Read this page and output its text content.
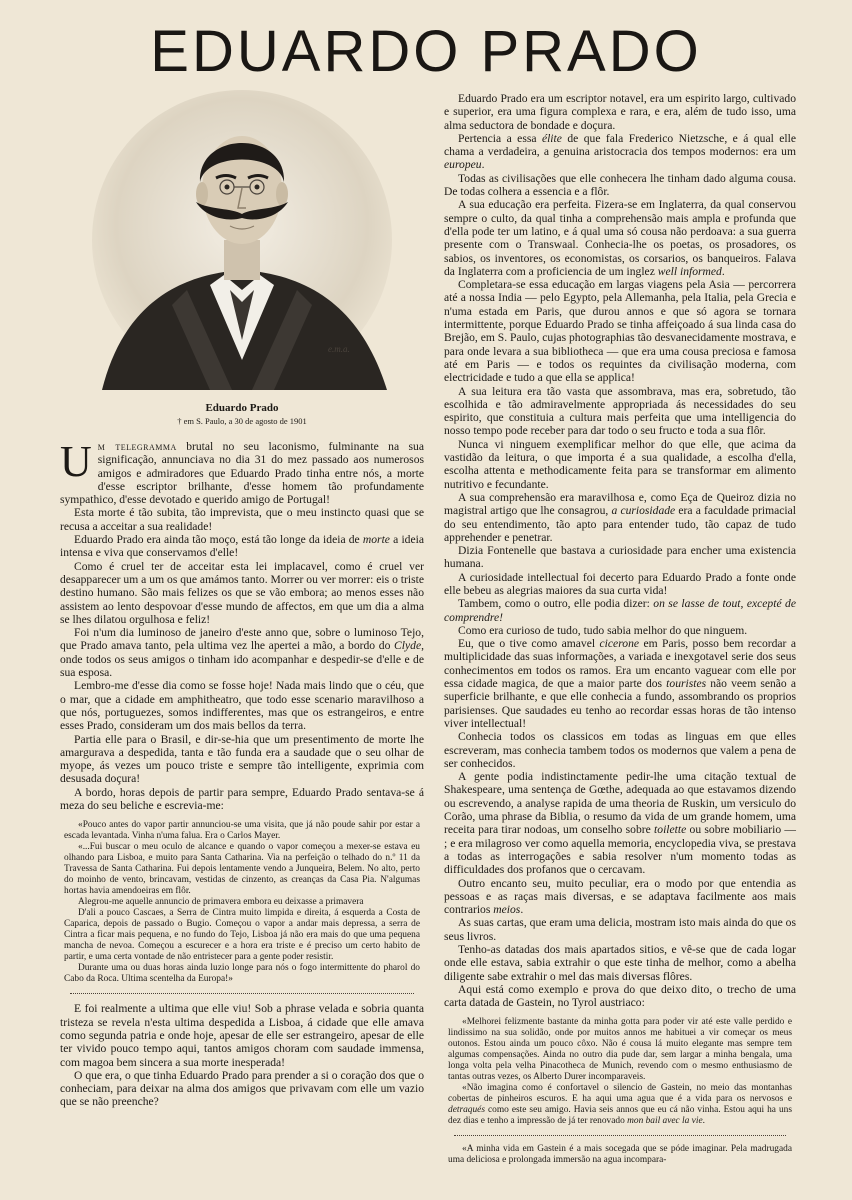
EDUARDO PRADO
e.m.a.
Eduardo Prado
† em S. Paulo, a 30 de agosto de 1901

Um telegramma brutal no seu laconismo, fulminante na sua significação, annunciava no dia 31 do mez passado aos numerosos amigos e admiradores que Eduardo Prado tinha entre nós, a morte d'esse escriptor brilhante, d'esse homem tão profundamente sympathico, d'esse devotado e querido amigo de Portugal!

Esta morte é tão subita, tão imprevista, que o meu instincto quasi que se recusa a acceitar a sua realidade!

Eduardo Prado era ainda tão moço, está tão longe da ideia de morte a ideia intensa e viva que conservamos d'elle!

Como é cruel ter de acceitar esta lei implacavel, como é cruel ver desapparecer um a um os que amámos tanto. Morrer ou ver morrer: eis o triste destino humano. São mais felizes os que se vão embora; ao menos esses não assistem ao lento despovoar d'esse mundo de affectos, em que um dia a alma se lhes dilatou orgulhosa e feliz!

Foi n'um dia luminoso de janeiro d'este anno que, sobre o luminoso Tejo, que Prado amava tanto, pela ultima vez lhe apertei a mão, a bordo do Clyde, onde todos os seus amigos o tinham ido acompanhar e despedir-se d'elle e de sua esposa.

Lembro-me d'esse dia como se fosse hoje! Nada mais lindo que o céu, que o mar, que a cidade em amphitheatro, que todo esse scenario maravilhoso a que nós, portuguezes, somos indifferentes, mas que os estrangeiros, e entre esses Prado, consideram um dos mais bellos da terra.

Partia elle para o Brasil, e dir-se-hia que um presentimento de morte lhe amargurava a despedida, tanta e tão funda era a saudade que o seu olhar de myope, ás vezes um pouco triste e sempre tão intelligente, exprimia com desusada doçura!

A bordo, horas depois de partir para sempre, Eduardo Prado sentava-se á meza do seu beliche e escrevia-me:

«Pouco antes do vapor partir annunciou-se uma visita, que já não poude sahir por estar a escada levantada. Vinha n'uma falua. Era o Carlos Mayer.

«...Fui buscar o meu oculo de alcance e quando o vapor começou a mexer-se estava eu olhando para Lisboa, e muito para Santa Catharina. Via na perfeição o telhado do n.º 11 da Travessa de Santa Catharina. Fui depois lentamente vendo a Junqueira, Belem. No alto, perto do moinho de vento, brincavam, vestidas de cinzento, as creanças da Casa Pia. N'algumas hortas havia amendoeiras em flôr.

Alegrou-me aquelle annuncio de primavera embora eu deixasse a primavera

D'ali a pouco Cascaes, a Serra de Cintra muito limpida e direita, á esquerda a Costa de Caparica, depois de passado o Bugio. Começou o vapor a andar mais depressa, a serra de Cintra a ficar mais pequena, e no fundo do Tejo, Lisboa já não era mais do que uma pequena mancha de nevoa. Começou a escurecer e a hora era triste e é preciso um certo habito de partir, e uma certa vontade de não entristecer para a gente poder resistir.

Durante uma ou duas horas ainda luzio longe para nós o fogo intermittente do pharol do Cabo da Roca. Ultima scentelha da Europa!»

E foi realmente a ultima que elle viu! Sob a phrase velada e sobria quanta tristeza se revela n'esta ultima despedida a Lisboa, á cidade que elle amava como segunda patria e onde hoje, apesar de elle ser estrangeiro, apesar de elle ter vivido pouco tempo aqui, tantos amigos choram com saudade immensa, com magoa bem sincera a sua morte inesperada!

O que era, o que tinha Eduardo Prado para prender a si o coração dos que o conheciam, para deixar na alma dos amigos que privavam com elle um vazio que se não preenche?

Eduardo Prado era um escriptor notavel, era um espirito largo, cultivado e superior, era uma figura complexa e rara, e era, além de tudo isso, uma alma seductora de bondade e doçura.

Pertencia a essa élite de que fala Frederico Nietzsche, e á qual elle chama a verdadeira, a genuina aristocracia dos tempos modernos: era um europeu.

Todas as civilisações que elle conhecera lhe tinham dado alguma cousa. De todas colhera a essencia e a flôr.

A sua educação era perfeita. Fizera-se em Inglaterra, da qual conservou sempre o culto, da qual tinha a comprehensão mais ampla e profunda que d'ella pode ter um latino, e á qual uma só cousa não perdoava: a sua guerra presente com o Transwaal. Conhecia-lhe os poetas, os prosadores, os sabios, os inventores, os economistas, os corsarios, os banqueiros. Falava da Inglaterra com a proficiencia de um inglez well informed.

Completara-se essa educação em largas viagens pela Asia — percorrera até a nossa India — pelo Egypto, pela Allemanha, pela Italia, pela Grecia e n'uma estada em Paris, que durou annos e que só agora se tornara intermittente, porque Eduardo Prado se tinha affeiçoado á sua linda casa do Brejão, em S. Paulo, cujas photographias tão desvanecidamente mostrava, e para onde levara a sua bibliotheca — que era uma cousa preciosa e famosa até em Paris — e todos os requintes da civilisação moderna, com electricidade e tudo a que ella se applica!

A sua leitura era tão vasta que assombrava, mas era, sobretudo, tão escolhida e tão admiravelmente appropriada ás necessidades do seu espirito, que constituia a cultura mais perfeita que uma intelligencia do nosso tempo pode receber para dar todo o seu fructo e toda a sua flôr.

Nunca vi ninguem exemplificar melhor do que elle, que acima da vastidão da leitura, o que importa é a sua qualidade, a escolha d'ella, escolha attenta e methodicamente feita para se transformar em alimento nutritivo e fecundante.

A sua comprehensão era maravilhosa e, como Eça de Queiroz dizia no magistral artigo que lhe consagrou, a curiosidade era a faculdade primacial do seu entendimento, tão apto para entender tudo, tão capaz de tudo apprehender e penetrar.

Dizia Fontenelle que bastava a curiosidade para encher uma existencia humana.

A curiosidade intellectual foi decerto para Eduardo Prado a fonte onde elle bebeu as alegrias maiores da sua curta vida!

Tambem, como o outro, elle podia dizer: on se lasse de tout, excepté de comprendre!

Como era curioso de tudo, tudo sabia melhor do que ninguem.

Eu, que o tive como amavel cicerone em Paris, posso bem recordar a multiplicidade das suas informações, a variada e inexgotavel serie dos seus conhecimentos em todos os ramos. Era um encanto vaguear com elle por essa cidade magica, de que a maior parte dos touristes não veem senão a superficie brilhante, e que elle conhecia a fundo, assombrando os proprios parisienses. Que saudades eu tenho ao recordar essas horas de tão intenso viver intellectual!

Conhecia todos os classicos em todas as linguas em que elles escreveram, mas conhecia tambem todos os modernos que valem a pena de ser conhecidos.

A gente podia indistinctamente pedir-lhe uma citação textual de Shakespeare, uma sentença de Gœthe, adequada ao que estavamos dizendo ou escrevendo, a analyse rapida de uma theoria de Ruskin, um versiculo do Corão, uma phrase da Biblia, o resumo da vida de um grande homem, uma receita para tirar nodoas, um conselho sobre toilette ou sobre mobiliario — ; e era milagroso ver como aquella memoria, encyclopedia viva, se prestava a todas as interrogações e sabia resolver n'um momento todas as difficuldades dos profanos que o cercavam.

Outro encanto seu, muito peculiar, era o modo por que entendia as pessoas e as raças mais diversas, e se adaptava facilmente aos mais contrarios meios.

As suas cartas, que eram uma delicia, mostram isto mais ainda do que os seus livros.

Tenho-as datadas dos mais apartados sitios, e vê-se que de cada logar onde elle estava, sabia extrahir o que este tinha de melhor, como a abelha diligente sabe extrahir o mel das mais diversas flôres.

Aqui está como exemplo e prova do que deixo dito, o trecho de uma carta datada de Gastein, no Tyrol austriaco:

«Melhorei felizmente bastante da minha gotta para poder vir até este valle perdido e lindissimo na sua solidão, onde por muitos annos me habituei a vir começar os meus outonos. Estou ainda um pouco côxo. Não é cousa lá muito elegante mas sempre tem algumas compensações. Ainda no outro dia pude dar, sem largar a minha bengala, uma longa volta pela velha Pinacotheca de Munich, revendo com o mesmo enthusiasmo de tantas outras vezes, os Alberto Durer incomparaveis.

«Não imagina como é confortavel o silencio de Gastein, no meio das montanhas cobertas de pinheiros escuros. E ha aqui uma agua que é a vida para os nervosos e detraqués como este seu amigo. Havia seis annos que eu cá não vinha. Estou aqui ha uns dez dias e tenho a impressão de já ter renovado mon bail avec la vie.

«A minha vida em Gastein é a mais socegada que se póde imaginar. Pela madrugada uma deliciosa e prolongada immersão na agua incompara-
